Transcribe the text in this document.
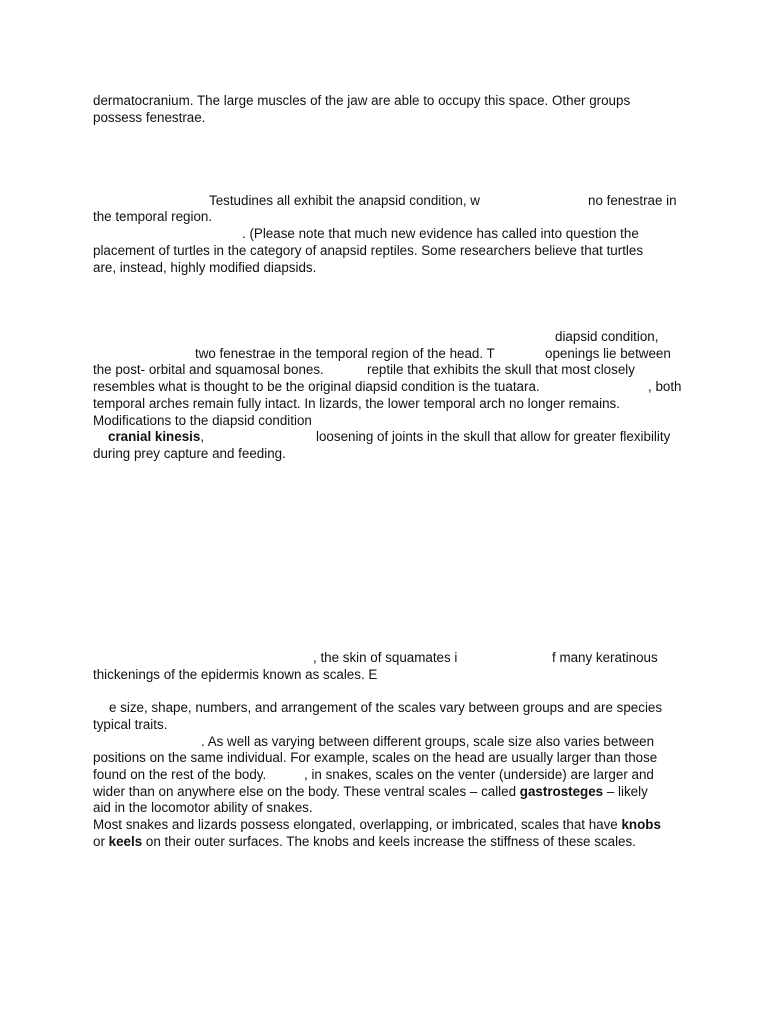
dermatocranium. The large muscles of the jaw are able to occupy this space. Other groups
possess fenestrae.
Testudines all exhibit the anapsid condition, w	no fenestrae in
the temporal region.
. (Please note that much new evidence has called into question the
placement of turtles in the category of anapsid reptiles. Some researchers believe that turtles
are, instead, highly modified diapsids.
diapsid condition,
two fenestrae in the temporal region of the head. T	openings lie between
the post- orbital and squamosal bones.	reptile that exhibits the skull that most closely
resembles what is thought to be the original diapsid condition is the tuatara.	, both
temporal arches remain fully intact. In lizards, the lower temporal arch no longer remains.
Modifications to the diapsid condition
cranial kinesis,	loosening of joints in the skull that allow for greater flexibility
during prey capture and feeding.
, the skin of squamates i	f many keratinous
thickenings of the epidermis known as scales. E
e size, shape, numbers, and arrangement of the scales vary between groups and are species
typical traits.
. As well as varying between different groups, scale size also varies between
positions on the same individual. For example, scales on the head are usually larger than those
found on the rest of the body.	, in snakes, scales on the venter (underside) are larger and
wider than on anywhere else on the body. These ventral scales – called gastrosteges – likely
aid in the locomotor ability of snakes.
Most snakes and lizards possess elongated, overlapping, or imbricated, scales that have knobs
or keels on their outer surfaces. The knobs and keels increase the stiffness of these scales.
